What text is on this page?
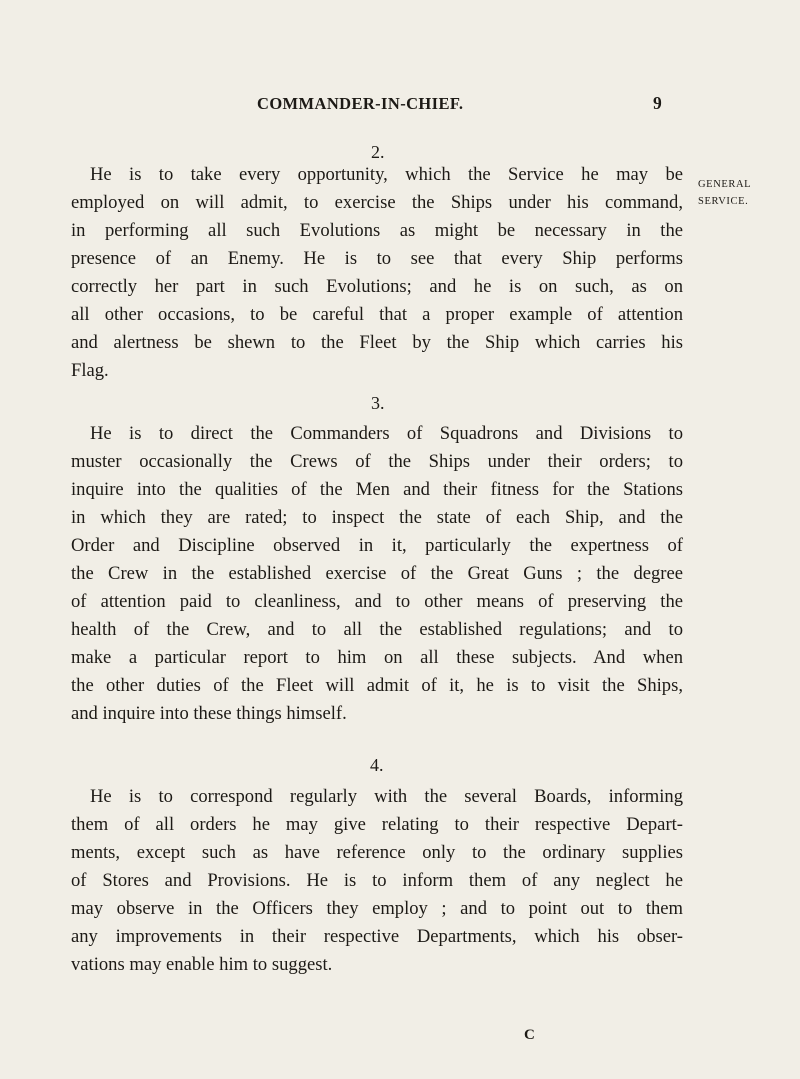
COMMANDER-IN-CHIEF.	9
GENERAL
SERVICE.
2.
He is to take every opportunity, which the Service he may be
employed on will admit, to exercise the Ships under his command,
in performing all such Evolutions as might be necessary in the
presence of an Enemy. He is to see that every Ship performs
correctly her part in such Evolutions; and he is on such, as on
all other occasions, to be careful that a proper example of attention
and alertness be shewn to the Fleet by the Ship which carries his
Flag.
3.
He is to direct the Commanders of Squadrons and Divisions to
muster occasionally the Crews of the Ships under their orders; to
inquire into the qualities of the Men and their fitness for the Stations
in which they are rated; to inspect the state of each Ship, and the
Order and Discipline observed in it, particularly the expertness of
the Crew in the established exercise of the Great Guns ; the degree
of attention paid to cleanliness, and to other means of preserving the
health of the Crew, and to all the established regulations; and to
make a particular report to him on all these subjects. And when
the other duties of the Fleet will admit of it, he is to visit the Ships,
and inquire into these things himself.
4.
He is to correspond regularly with the several Boards, informing
them of all orders he may give relating to their respective Depart-
ments, except such as have reference only to the ordinary supplies
of Stores and Provisions. He is to inform them of any neglect he
may observe in the Officers they employ ; and to point out to them
any improvements in their respective Departments, which his obser-
vations may enable him to suggest.
C
